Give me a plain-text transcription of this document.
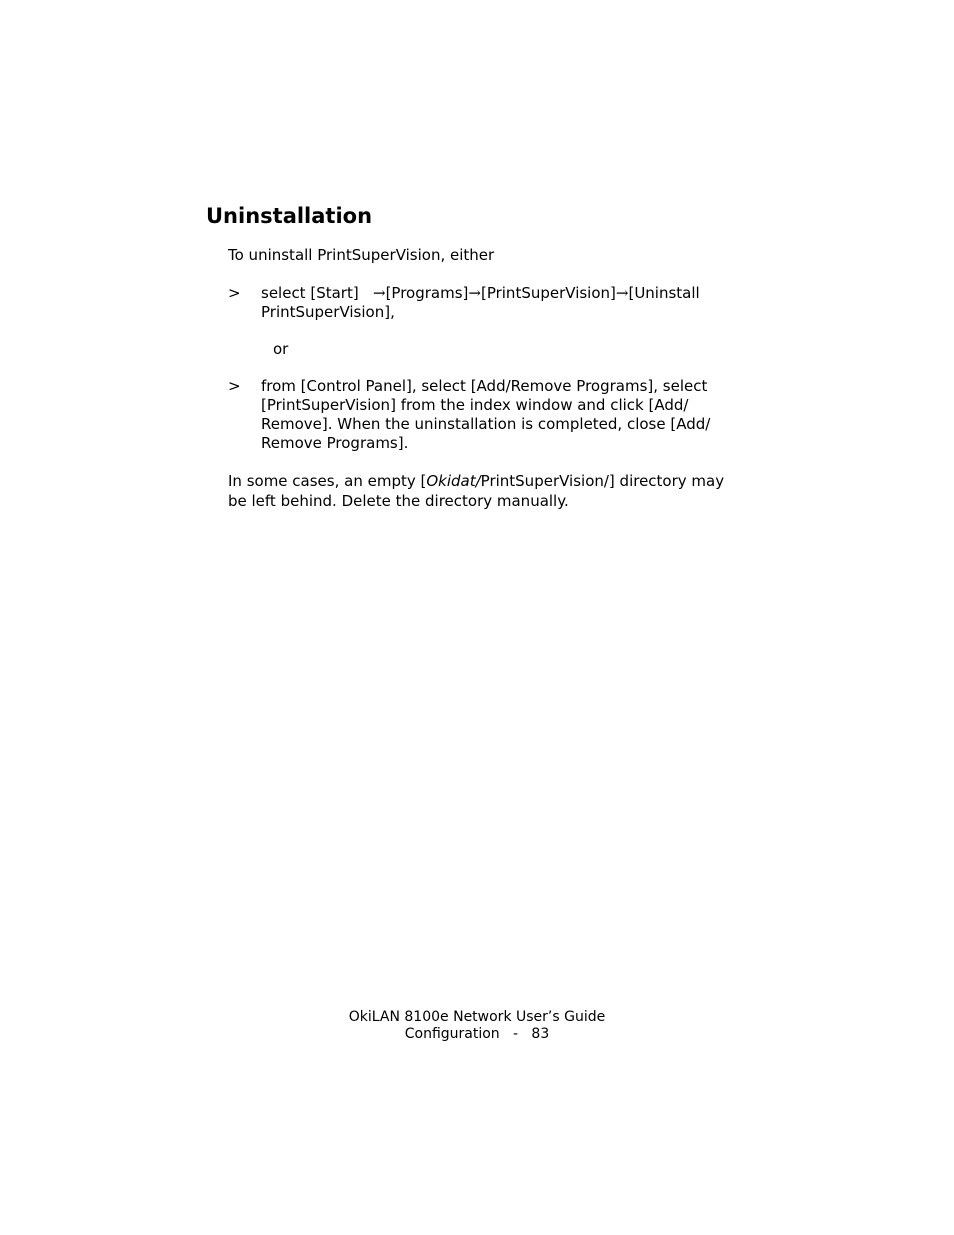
Uninstallation

To uninstall PrintSuperVision, either

> select [Start] →[Programs]→[PrintSuperVision]→[Uninstall
PrintSuperVision],

or

> from [Control Panel], select [Add/Remove Programs], select
[PrintSuperVision] from the index window and click [Add/
Remove]. When the uninstallation is completed, close [Add/
Remove Programs].
In some cases, an empty [Okidat/PrintSuperVision/] directory may
be left behind. Delete the directory manually.
OkiLAN 8100e Network User’s Guide
Configuration   -   83
